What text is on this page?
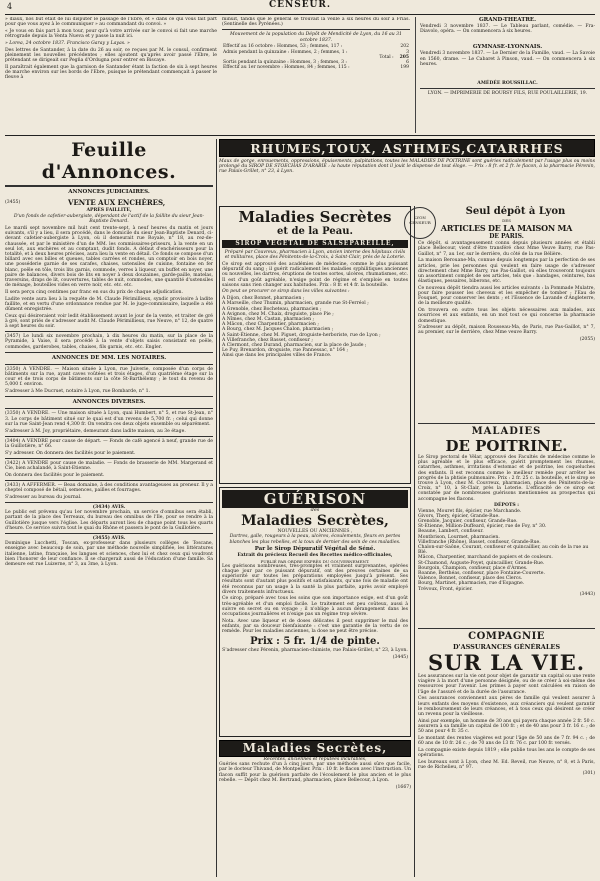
4	CENSEUR.

» diaux, nos but était de lui disputer le passage de l'Ebre, et » dans ce qui vous fait part pour que vous ayez à le communiquer » au commandant du convoi. »

« Je vous en fais part à mon tour, pour qu'à votre arrivée sur le convoi si fait une marche rétrograde depuis la Venta Nueva et y passe la nuit ici.

» Lorea, 24 octobre 1837. Francisco Garay y Layas. »

Des lettres de Santander, à la date du 26 au soir, ce reçues par M. le consul, confirment pleinement les nouvelles précédentes ; elles ajoutent qu'après avoir passé l'Ebre, le prétendant se dirigeait sur Pegña d'Ordugna pour entrer en Biscaye.

Il paraîtrait également que la garnison de Santander étant la faction de six à sept heures de marche environ sur les bords de l'Ebre, puisque le prétendant commençait à passer le fleuve à

minuit, tandis que le général se trouvait la veille à six heures du soir à Frias. (Sentinelle des Pyrénées.)

Mouvement de la population du Dépôt de Mendicité de Lyon, du 16 au 31 octobre 1837.

Effectif au 16 octobre : Hommes, 53 ; femmes, 117 :	202
Admis pendant la quinzaine : Hommes, 2 ; femmes, 1 :	3
Total :	205
Sortis pendant la quinzaine : Hommes, 3 ; femmes, 3 :	6
Effectif au 1er novembre : Hommes, 84 ; femmes, 115 :	199
GRAND-THÉATRE.

Vendredi 3 novembre 1837. — Le Tableau parlant, comédie. — Fra-Diavolo, opéra. — On commencera à six heures.

GYMNASE-LYONNAIS.

Vendredi 3 novembre 1837. — Le Dernier de la Famille, vaud. — La Savoie en 1560, drame. — Le Cabaret à Pinson, vaud. — On commencera à six heures.

AMÉDÉE ROUSSILLAC.
LYON. — IMPRIMERIE DE BOURSY FILS, RUE POULAILLERIE, 19.
Feuille d'Annonces.
ANNONCES JUDICIAIRES.
(3455)	VENTE AUX ENCHÈRES,
APRÈS FAILLITE,

D'un fonds de cafetier-aubergiste, dépendant de l'actif de la faillite du sieur Jean-Baptiste Denard.

Le mardi sept novembre mil huit cent trente-sept, à neuf heures du matin et jours suivants, s'il y a lieu, il sera procédé, dans le domicile du sieur Jean-Baptiste Denard, ci-devant cafetier-aubergiste à Lyon, où il demeurait rue Royale, n° 18, au rez-de-chaussée, et par le ministère d'un de MM. les commissaires-priseurs, à la vente en un seul lot, aux enchères et au comptant, dudit fonds. A défaut d'enchérisseurs pour la totalité, et à deux heures précises, aura lieu la vente en détail. Ce fonds se compose d'un billard avec ses billes et queues, tables carrées et rondes, un comptoir en bois noyer, une posséderie garnie de ses carafes, chaises, ustensiles de cuisine, fontaine en fer blanc, poêle en tôle, trois lits garnis, commode, verres à liqueur, un buffet en noyer, une paire de balances, divers bois de lits en noyer à deux douzaines, garde-paille, matelas, traversins, draps de lit, couvertures, tables de nuit, commodes, une quantité d'ustensiles de ménage, bouteilles vides en verre noir, etc. etc. etc.

Il sera perçu cinq centimes par franc en sus du prix de chaque adjudication.

Ladite vente aura lieu à la requête de M. Claude Périmillieux, syndic provisoire à ladite faillite, et en vertu d'une ordonnance rendue par M. le juge-commissaire, laquelle a été dûment enregistrée.

Ceux qui désireraient voir ledit établissement avant le jour de la vente, et traiter de gré à gré, sont priés de s'adresser audit M. Claude Périmillieux, rue Neuve, n° 12, de quatre à sept heures du soir.

(3457) Le lundi six novembre prochain, à dix heures du matin, sur la place de la Pyramide, à Vaise, il sera procédé à la vente d'objets saisis consistant en poêle, commodes, garderobes, tables, chaises, fils garnis, etc. etc. Engler.

ANNONCES DE MM. LES NOTAIRES.

(3350) A VENDRE. — Maison située à Lyon, rue Juiverie, composée d'un corps de bâtiments sur la rue, ayant caves voûtées et trois étages, d'un quatrième étage sur la cour et de trois corps de bâtiments sur la côte St-Barthélemy ; le tout du revenu de 5,000 f. environ.

S'adresser à Me Ducruet, notaire à Lyon, rue Bombarde, n° 1.

ANNONCES DIVERSES.

(3350) A VENDRE. — Une maison située à Lyon, quai Humbert, n° 5, et rue St-Jean, n° 3. Le corps de bâtiment situé sur le quai est d'un revenu de 5,700 fr. ; celui qui donne sur la rue Saint-Jean rend 4,300 fr. On vendra ces deux objets ensemble ou séparément.

S'adresser à M. Joy, propriétaire, demeurant dans ladite maison, au 3e étage.

(3404) A VENDRE pour cause de départ. — Fonds de café agencé à neuf, grande rue de la Guillotière, n° 66.

S'y adresser. On donnera des facilités pour le paiement.

(3422) A VENDRE pour cause de maladie. — Fonds de brasserie de MM. Margerand et Cie, bien achalandé, à Saint-Etienne.

On donnera des facilités pour le paiement.

(3433) A AFFERMER. — Beau domaine, à des conditions avantageuses au preneur. Il y a cheptel composé de bétail, semences, pailles et fourrages.

S'adresser au bureau du journal.

(3434) AVIS.

Le public est prévenu qu'au 1er novembre prochain, un service d'omnibus sera établi, partant de la place des Terreaux, du bureau des omnibus de l'Ile, pour se rendre à la Guillotière jusque vers l'église. Les départs auront lieu de chaque point tous les quarts d'heure. Ce service suivra tout le quai du Rhône et passera le pont de la Guillotière.

(3455) AVIS.

Dominique Lucchetti, Toscan, ex-professeur dans plusieurs collèges de Toscane, enseigne avec beaucoup de soin, par une méthode nouvelle simplifiée, les littératures italienne, latine, française, les langues et sciences, chez lui et chez ceux qui voudront bien l'honorer de leur confiance. Il se chargerait aussi de l'éducation d'une famille. Sa demeure est rue Luizerne, n° 3, au 3me, à Lyon.

RHUMES,TOUX, ASTHMES,CATARRHES

Maux de gorge, enrouements, oppressions, épuisements, palpitations, toutes les MALADIES DE POITRINE sont guéries radicalement par l'usage plus ou moins prolongé du SIROP DE STOECHAS D'ARABIE : la haute réputation dont il jouit le dispense de tout éloge. — Prix : 8 fr. et 2 fr. le flacon, à la pharmacie Pérenin, rue Palais-Grillet, n° 23, à Lyon.

Maladies Secrètes
et de la Peau.
SIROP VÉGÉTAL DE SALSEPAREILLE,

Préparé par Couvreux, pharmacien à Lyon, ancien interne des hôpitaux civils et militaires, place des Pénitents-de-la-Croix, à Saint-Clair, près de la Loterie.

Ce sirop est approuvé des académies de médecine, comme le plus puissant dépuratif du sang ; il guérit radicalement les maladies syphilitiques anciennes ou nouvelles, les dartres, éruptions de toutes sortes, ulcères, rhumatismes, etc. Il est d'un goût agréable, n'exige point de régime et s'emploie en toutes saisons sans rien changer aux habitudes. Prix : 8 fr. et 4 fr. la bouteille.

On peut se procurer ce sirop dans les villes suivantes :

A Dijon, chez Bonnet, pharmacien ;
A Marseille, chez Thumin, pharmacien, grande rue St-Ferréol ;
A Grenoble, chez Bocheteau, pharmacien ;
A Avignon, chez M. Chaix, droguiste, place Pie ;
A Nîmes, chez M. Castan, pharmacien ;
A Mâcon, chez Charpentier, pharmacien ;
A Bourg, chez M. Jacques Chalon, pharmacien ;
A Saint-Étienne, chez M. Piguet, droguiste-herboriste, rue de Lyon ;
A Villefranche, chez Basset, confiseur ;
A Clermont, chez Durand, pharmacien, sur la place de Jaude ;
Le Puy, Brenardon, droguiste, rue Pannessac, n° 164 ;
Ainsi que dans les principales villes de France.
GUÉRISON
des
Maladies Secrètes,
NOUVELLES OU ANCIENNES ,

Dartres, galle, rougeurs à la peau, ulcères, écoulements, fleurs en pertes blanches les plus rebelles, et la toux de dernier des sein de ces maladies.

Par le Sirop Dépuratif Végétal de Séné.
Extrait du précieux Recueil des Recettes médico-officinales,
PUBLIÉ PAR ORDRE EXPRÈS DU GOUVERNEMENT.

Les guérisons nombreuses, très-promptes et vraiment surprenantes, opérées chaque jour par ce puissant dépuratif, ont des preuves certaines de sa supériorité sur toutes les préparations employées jusqu'à présent. Ses résultats sont d'autant plus positifs et satisfaisants, qu'une fois de maladie ont été reconnus par un usage à la santé la plus parfaite, après avoir employé divers traitements infructueux.

Ce sirop, préparé avec tous les soins que son importance exige, est d'un goût très-agréable et d'un emploi facile. Le traitement est peu coûteux, aussi à suivre en secret ou en voyage ; il n'oblige à aucun dérangement dans les occupations journalières et n'exige pas un régime trop sévère.

Nota. Avec une liqueur et de doses délicates il peut supprimer le mal des enfants, par sa douceur bienfaisante : c'est une garantie de la vertu de ce remède. Pour les maladies anciennes, la dose ne peut être précise.

Prix : 5 fr. 1/4 de pinte.

S'adresser chez Pérenin, pharmacien-chimiste, rue Palais-Grillet, n° 23, à Lyon.

(3445)
Maladies Secrètes,
Récentes, anciennes et réputées incurables,

Guéries sans rechute d'un à cinq jours, par une méthode aussi sûre que facile, par le docteur Thivand, de Montpellier. Prix : 10 fr. le flacon avec l'instruction. Un flacon suffit pour la guérison parfaite de l'écoulement le plus ancien et le plus rebelle. — Dépôt chez M. Bertrand, pharmacien, place Bellecour, à Lyon.

(1667)
LYON
CENSEUR
Seul dépôt à Lyon
DES
ARTICLES DE LA MAISON MA
DE PARIS.

Ce dépôt, si avantageusement connu depuis plusieurs années et établi place Bellecour, vient d'être transféré chez Mme Veuve Barry, rue Pas-Gaillot, n° 7, au 1er, sur le derrière, du côté de la rue Bélière.

La maison Berouane-Ma, connue depuis longtemps par la perfection de ses articles, prie les personnes qui veulent en faire usage de s'adresser directement chez Mme Barry, rue Pas-Gaillot, où elles trouveront toujours un assortiment complet de ses articles, tels que : bandages, ceintures, bas élastiques, pessaires, biberons, etc.

Ce nouveau dépôt tiendra aussi les articles suivants : la Pommade Mulatre, pour faire pousser les cheveux et les empêcher de tomber ; l'Eau de Fouquet, pour conserver les dents ; et l'Essence de Lavande d'Angleterre, de la meilleure qualité.

On trouvera en outre tous les objets nécessaires aux malades, aux nourrices et aux enfants, en un mot tout ce qui concerne la pharmacie domestique.

S'adresser au dépôt, maison Rousseau-Ma, de Paris, rue Pas-Gaillot, n° 7, au premier, sur le derrière, chez Mme veuve Barry.

(2055)
MALADIES
DE POITRINE.

Le Sirop pectoral de Vélar, approuvé des Facultés de médecine comme le plus agréable et le plus efficace, guérit promptement les rhumes, catarrhes, asthmes, irritations d'estomac et de poitrine, les coqueluches des enfants. Il est reconnu comme le meilleur remède pour arrêter les progrès de la phtisie pulmonaire. Prix : 2 fr. 25 c. la bouteille, et le sirop se trouve à Lyon, chez M. Couvreux, pharmacien, place des Pénitents-de-la-Croix, n° 10, à St-Clair, près la Loterie. L'efficacité de ce sirop est constatée par de nombreuses guérisons mentionnées au prospectus qui accompagne les flacons.

DÉPOTS :
Vienne, Mouret fils, épicier, rue Marchande.
Givors, Thery, épicier, Grande-Rue.
Grenoble, Jacquier, confiseur, Grande-Rue.
St-Etienne, Million-Duffeard, épicier, rue de Foy, n° 30.
Beaune, Lambert, confiseur.
Montbrison, Lourmet, pharmacien.
Villefranche (Rhône), Basset, confiseur, Grande-Rue.
Chalon-sur-Saône, Courant, confiseur et quincaillier, au coin de la rue au Blé.
Mâcon, Charpentier, marchand de papiers et de couleurs.
St-Chamond, Auguste-Poyet, quincaillier, Grande-Rue.
Bourgoin, Champion, confiseur, place d'Armes.
Roanne, Berthéas, confiseur, place Fontaine-Couverte.
Valence, Bonnet, confiseur, place des Clercs.
Bourg, Martinet, pharmacien, rue d'Espagne.
Trévoux, Front, épicier.
(3443)
COMPAGNIE
D'ASSURANCES GÉNÉRALES
SUR LA VIE.

Les assurances sur la vie ont pour objet de garantir un capital ou une rente viagère à la mort d'une personne désignée, ou de se créer à soi-même des ressources pour l'avenir. Les primes à payer sont calculées en raison de l'âge de l'assuré et de la durée de l'assurance.

Ces assurances conviennent aux pères de famille qui veulent assurer à leurs enfants des moyens d'existence, aux créanciers qui veulent garantir le remboursement de leurs créances, et à tous ceux qui désirent se créer un revenu pour la vieillesse.

Ainsi par exemple, un homme de 30 ans qui payera chaque année 2 fr. 50 c. assurera à sa famille un capital de 100 fr. ; et de 40 ans pour 3 fr. 16 c. ; de 50 ans pour 4 fr. 35 c.

Le montant des rentes viagères est pour l'âge de 50 ans de 7 fr. 94 c. ; de 60 ans de 10 fr. 26 c. ; de 70 ans de 13 fr. 76 c. par 100 fr. versés.

La compagnie existe depuis 1819 ; elle publie tous les ans le compte de ses opérations.

Les bureaux sont à Lyon, chez M. Ed. Reveil, rue Neuve, n° 8, et à Paris, rue de Richelieu, n° 97.

(301)
